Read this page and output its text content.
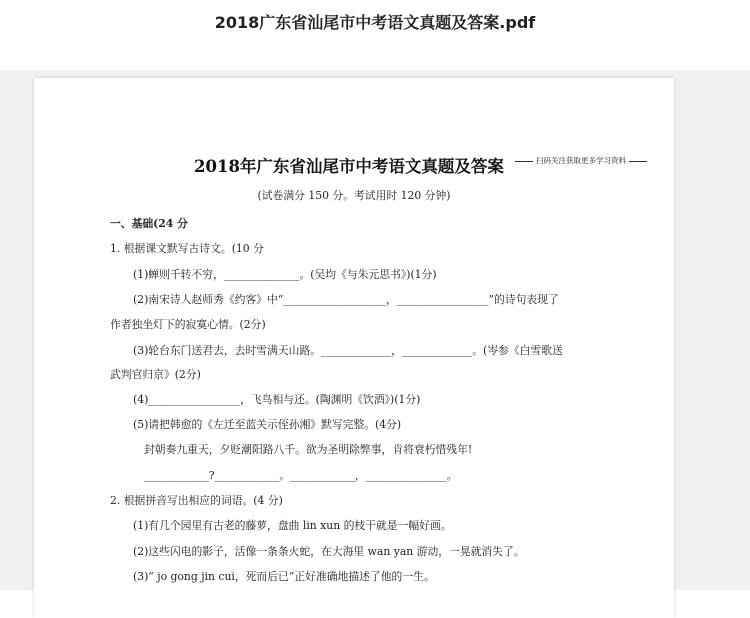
2018广东省汕尾市中考语文真题及答案.pdf
2018年广东省汕尾市中考语文真题及答案	扫码关注获取更多学习资料
(试卷满分 150 分。考试用时 120 分钟)
一、基础(24 分
1. 根据课文默写古诗文。(10 分
(1)蝉则千转不穷，______________。(吴均《与朱元思书》)(1分)
(2)南宋诗人赵师秀《约客》中“___________________，_________________”的诗句表现了
作者独坐灯下的寂寞心情。(2分)
(3)轮台东门送君去，去时雪满天山路。_____________，_____________。(岑参《白雪歌送
武判官归京》(2分)
(4)_________________，飞鸟相与还。(陶渊明《饮酒》)(1分)
(5)请把韩愈的《左迁至蓝关示侄孙湘》默写完整。(4分)
封朝奏九重天，夕贬潮阳路八千。欲为圣明除弊事，肯将衰朽惜残年!
____________?____________。____________，_______________。
2. 根据拼音写出相应的词语。(4 分)
(1)有几个园里有古老的藤萝，盘曲 lin xun 的枝干就是一幅好画。
(2)这些闪电的影子，活像一条条火蛇，在大海里 wan yan 游动，一晃就消失了。
(3)“ jo gong jin cui，死而后已”正好准确地描述了他的一生。
